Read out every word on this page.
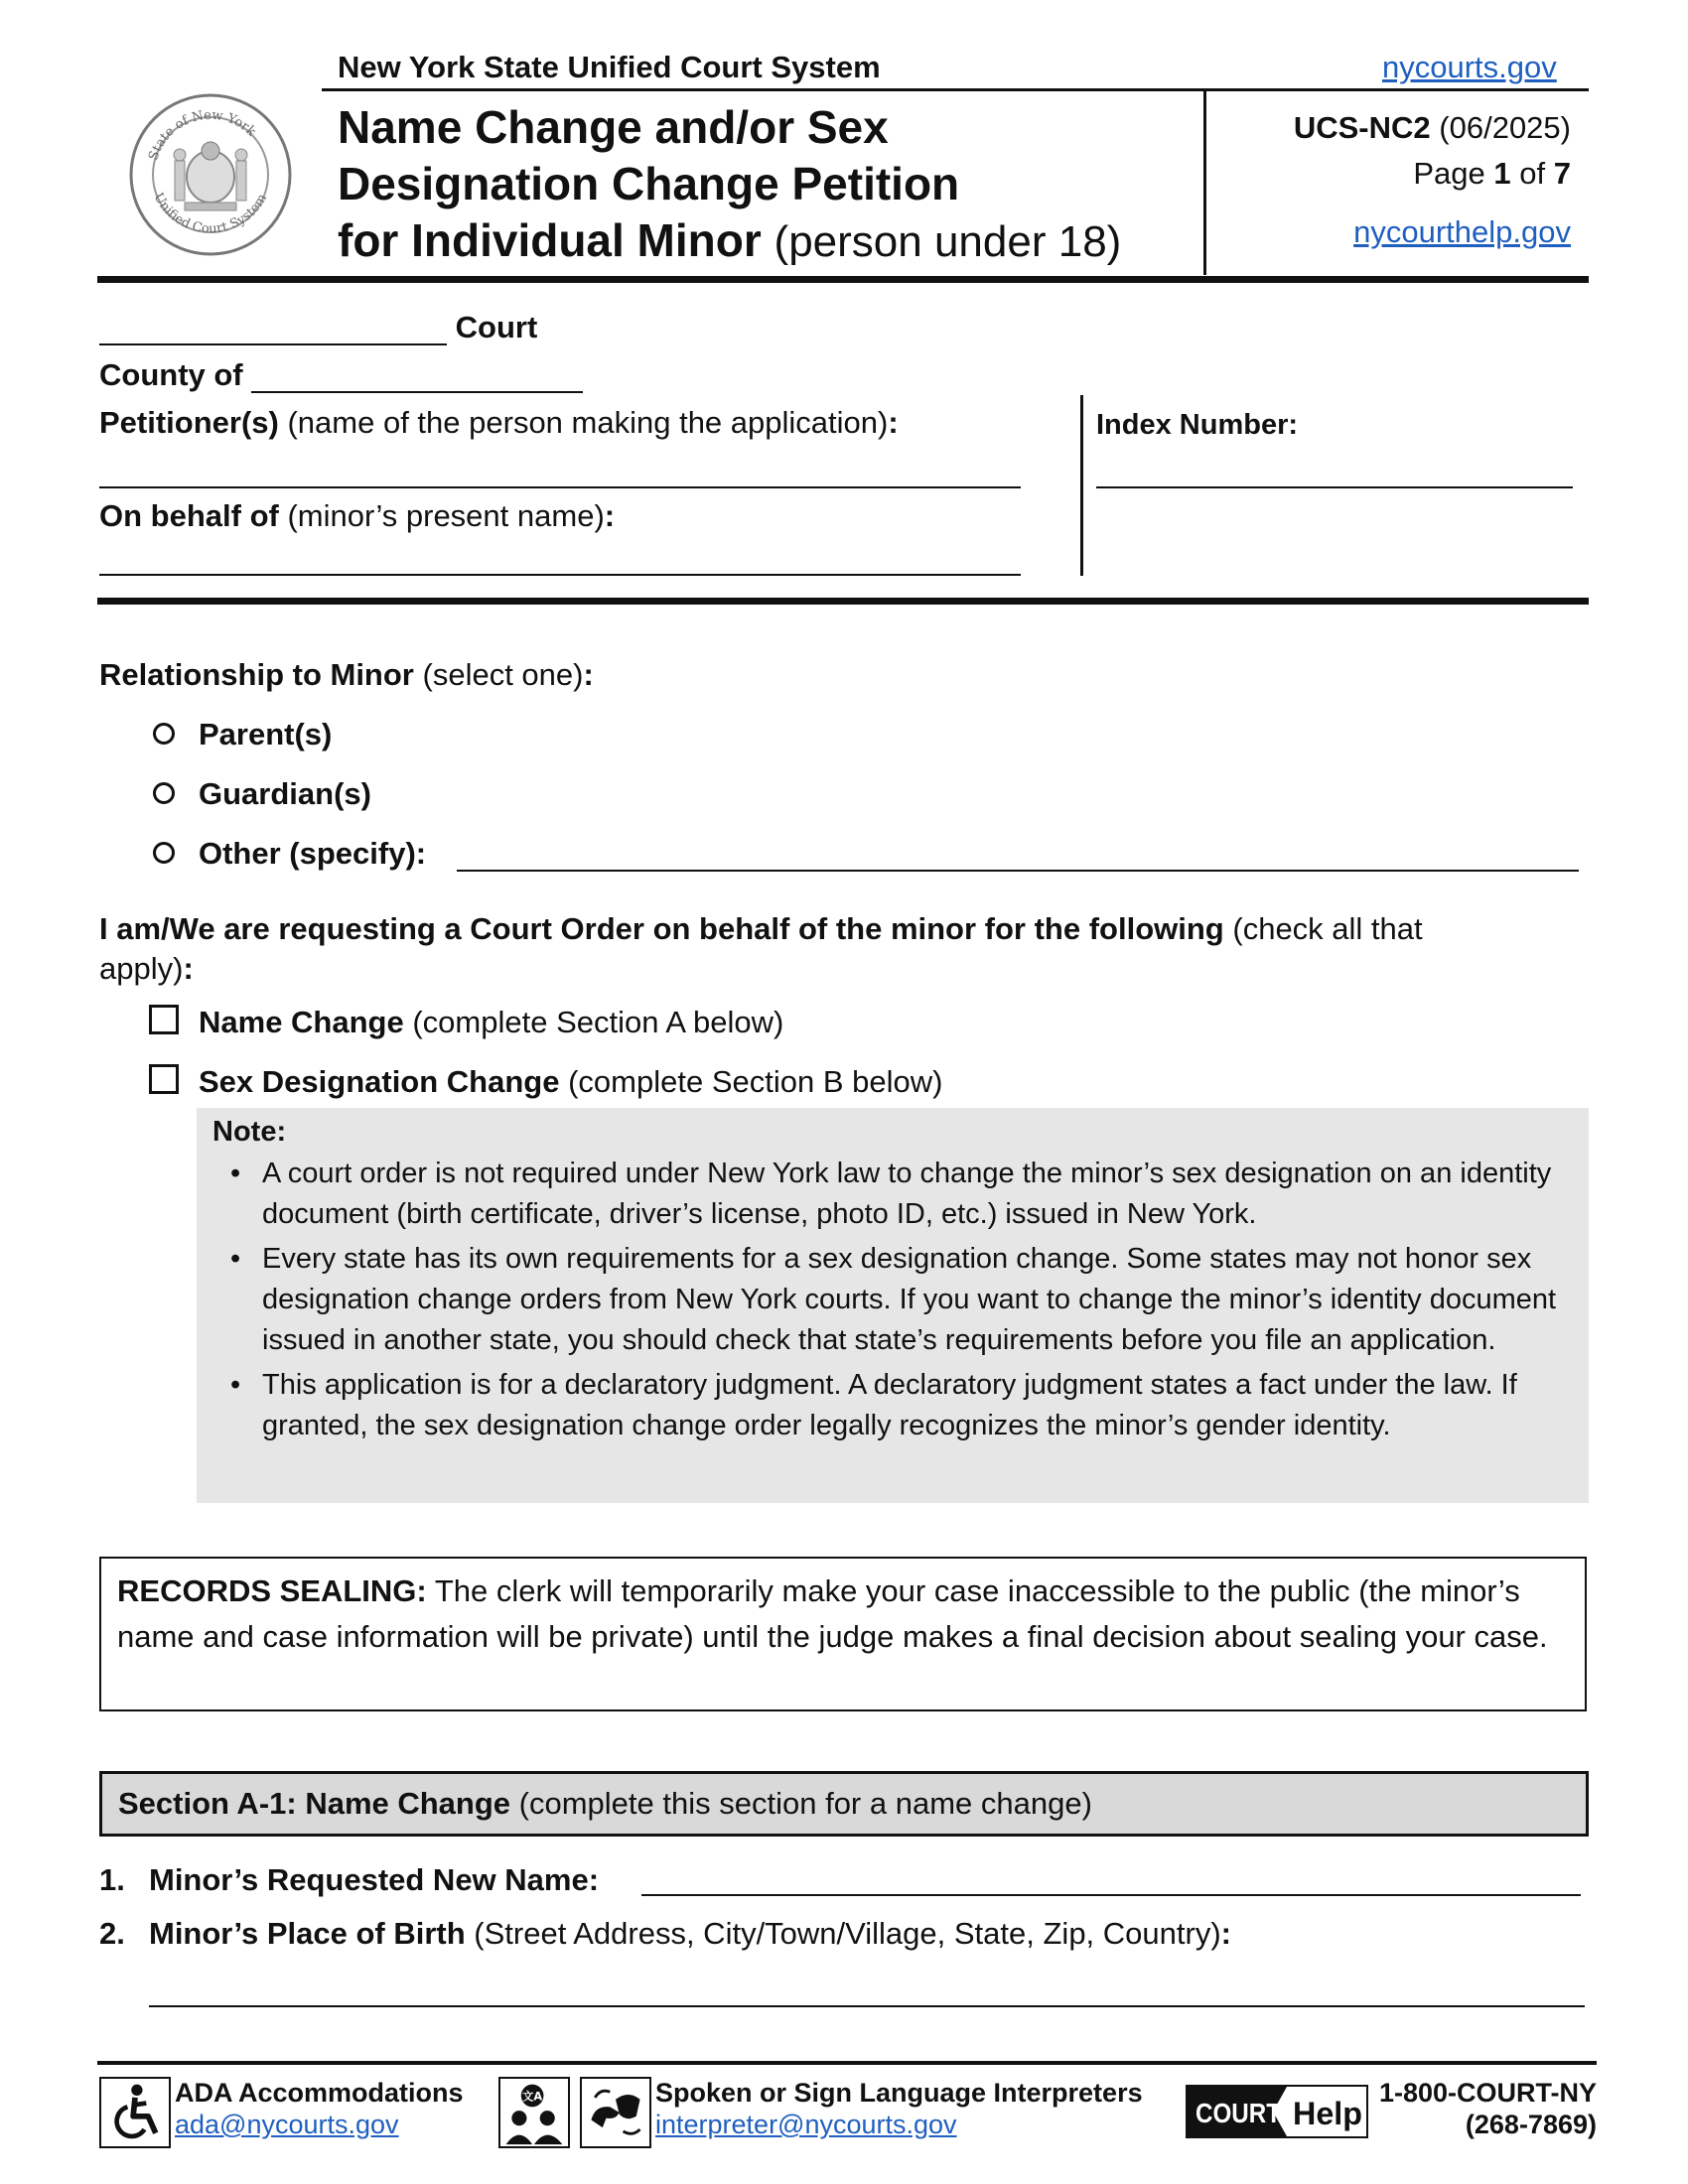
State of New York
Unified Court System
New York State Unified Court System	nycourts.gov
Name Change and/or Sex
Designation Change Petition
for Individual Minor (person under 18)
UCS-NC2 (06/2025)
Page 1 of 7
nycourthelp.gov
Court
County of
Petitioner(s) (name of the person making the application):
On behalf of (minor’s present name):
Index Number:
Relationship to Minor (select one):
Parent(s)
Guardian(s)
Other (specify):
I am/We are requesting a Court Order on behalf of the minor for the following (check all that
apply):
Name Change (complete Section A below)
Sex Designation Change (complete Section B below)
Note:
• A court order is not required under New York law to change the minor’s sex designation on an identity document (birth certificate, driver’s license, photo ID, etc.) issued in New York.
• Every state has its own requirements for a sex designation change. Some states may not honor sex designation change orders from New York courts. If you want to change the minor’s identity document issued in another state, you should check that state’s requirements before you file an application.
• This application is for a declaratory judgment. A declaratory judgment states a fact under the law. If granted, the sex designation change order legally recognizes the minor’s gender identity.
RECORDS SEALING: The clerk will temporarily make your case inaccessible to the public (the minor’s name and case information will be private) until the judge makes a final decision about sealing your case.
Section A-1: Name Change (complete this section for a name change)
1. Minor’s Requested New Name:
2. Minor’s Place of Birth (Street Address, City/Town/Village, State, Zip, Country):
ADA Accommodations
ada@nycourts.gov
文A	Spoken or Sign Language Interpreters
interpreter@nycourts.gov	COURT Help
1-800-COURT-NY
(268-7869)
